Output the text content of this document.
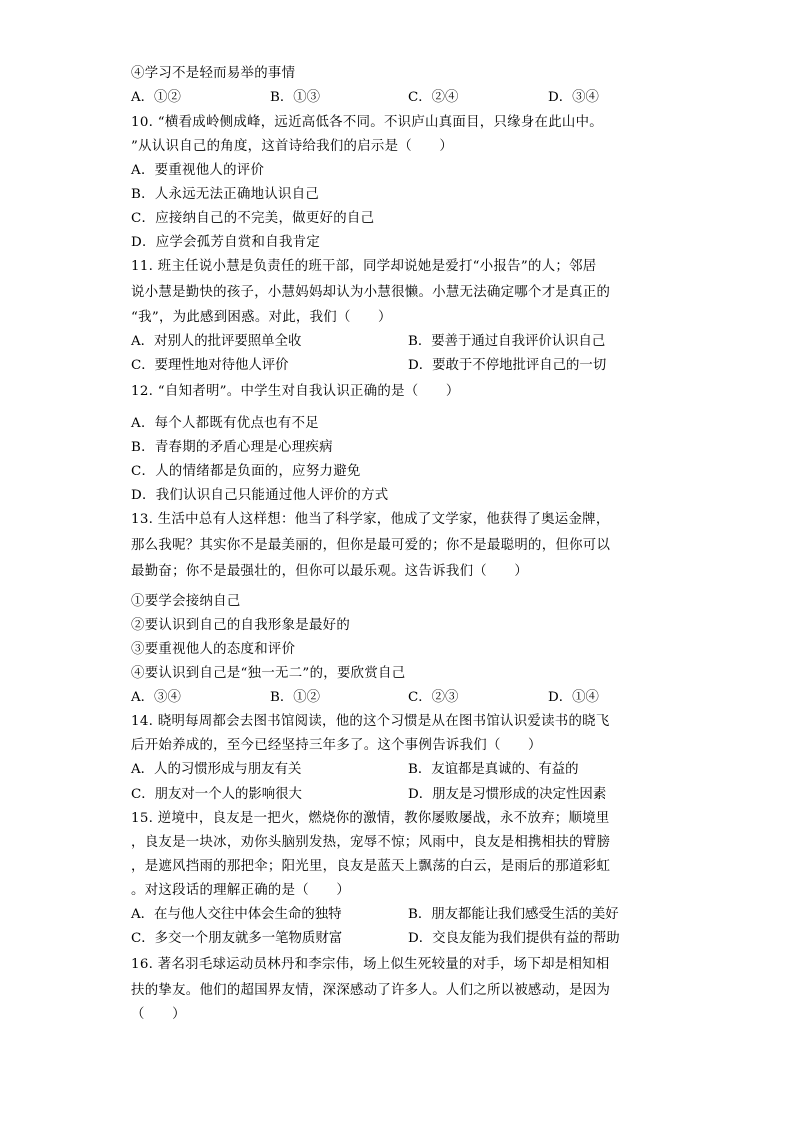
④学习不是轻而易举的事情
A．①②	B．①③	C．②④	D．③④
10. “横看成岭侧成峰，远近高低各不同。不识庐山真面目，只缘身在此山中。
”从认识自己的角度，这首诗给我们的启示是（　　）
A．要重视他人的评价
B．人永远无法正确地认识自己
C．应接纳自己的不完美，做更好的自己
D．应学会孤芳自赏和自我肯定
11. 班主任说小慧是负责任的班干部，同学却说她是爱打“小报告”的人；邻居
说小慧是勤快的孩子，小慧妈妈却认为小慧很懒。小慧无法确定哪个才是真正的
“我”，为此感到困惑。对此，我们（　　）
A．对别人的批评要照单全收	B．要善于通过自我评价认识自己
C．要理性地对待他人评价	D．要敢于不停地批评自己的一切
12. “自知者明”。中学生对自我认识正确的是（　　）
A．每个人都既有优点也有不足
B．青春期的矛盾心理是心理疾病
C．人的情绪都是负面的，应努力避免
D．我们认识自己只能通过他人评价的方式
13. 生活中总有人这样想：他当了科学家，他成了文学家，他获得了奥运金牌，
那么我呢？其实你不是最美丽的，但你是最可爱的；你不是最聪明的，但你可以
最勤奋；你不是最强壮的，但你可以最乐观。这告诉我们（　　）
①要学会接纳自己
②要认识到自己的自我形象是最好的
③要重视他人的态度和评价
④要认识到自己是“独一无二”的，要欣赏自己
A．③④	B．①②	C．②③	D．①④
14. 晓明每周都会去图书馆阅读，他的这个习惯是从在图书馆认识爱读书的晓飞
后开始养成的，至今已经坚持三年多了。这个事例告诉我们（　　）
A．人的习惯形成与朋友有关	B．友谊都是真诚的、有益的
C．朋友对一个人的影响很大	D．朋友是习惯形成的决定性因素
15. 逆境中，良友是一把火，燃烧你的激情，教你屡败屡战，永不放弃；顺境里
，良友是一块冰，劝你头脑别发热，宠辱不惊；风雨中，良友是相携相扶的臂膀
，是遮风挡雨的那把伞；阳光里，良友是蓝天上飘荡的白云，是雨后的那道彩虹
。对这段话的理解正确的是（　　）
A．在与他人交往中体会生命的独特	B．朋友都能让我们感受生活的美好
C．多交一个朋友就多一笔物质财富	D．交良友能为我们提供有益的帮助
16. 著名羽毛球运动员林丹和李宗伟，场上似生死较量的对手，场下却是相知相
扶的挚友。他们的超国界友情，深深感动了许多人。人们之所以被感动，是因为
（　　）
